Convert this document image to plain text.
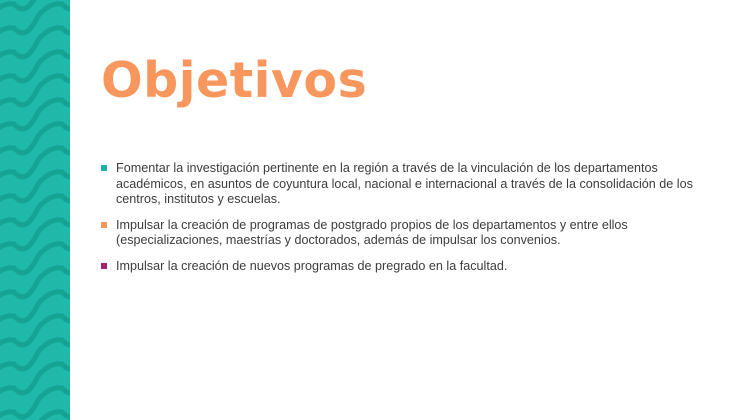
Objetivos
Fomentar la investigación pertinente en la región a través de la vinculación de los departamentos académicos, en asuntos de coyuntura local, nacional e internacional a través de la consolidación de los centros, institutos y escuelas.
Impulsar la creación de programas de postgrado propios de los departamentos y entre ellos (especializaciones, maestrías y doctorados, además de impulsar los convenios.
Impulsar la creación de nuevos programas de pregrado en la facultad.
